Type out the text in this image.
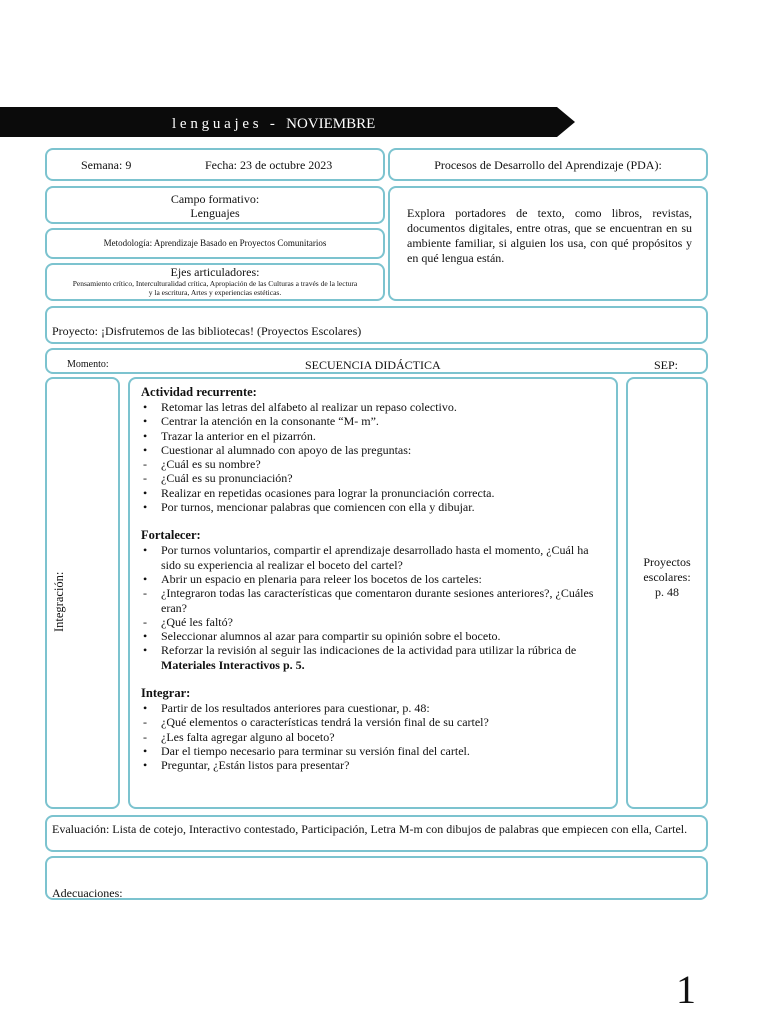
l e n g u a j e s   -   NOVIEMBRE
Semana: 9	Fecha: 23 de octubre 2023	Procesos de Desarrollo del Aprendizaje (PDA):
Campo formativo:
Lenguajes
Metodología: Aprendizaje Basado en Proyectos Comunitarios
Ejes articuladores:
Pensamiento crítico, Interculturalidad crítica, Apropiación de las Culturas a través de la lectura
y la escritura, Artes y experiencias estéticas.
Explora portadores de texto, como libros, revistas, documentos digitales, entre otras, que se encuentran en su ambiente familiar, si alguien los usa, con qué propósitos y en qué lengua están.
Proyecto: ¡Disfrutemos de las bibliotecas! (Proyectos Escolares)
Momento:	SECUENCIA DIDÁCTICA	SEP:
Integración:
Actividad recurrente:
• Retomar las letras del alfabeto al realizar un repaso colectivo.
• Centrar la atención en la consonante “M- m”.
• Trazar la anterior en el pizarrón.
• Cuestionar al alumnado con apoyo de las preguntas:
- ¿Cuál es su nombre?
- ¿Cuál es su pronunciación?
• Realizar en repetidas ocasiones para lograr la pronunciación correcta.
• Por turnos, mencionar palabras que comiencen con ella y dibujar.
Fortalecer:
• Por turnos voluntarios, compartir el aprendizaje desarrollado hasta el momento, ¿Cuál ha sido su experiencia al realizar el boceto del cartel?
• Abrir un espacio en plenaria para releer los bocetos de los carteles:
- ¿Integraron todas las características que comentaron durante sesiones anteriores?, ¿Cuáles eran?
- ¿Qué les faltó?
• Seleccionar alumnos al azar para compartir su opinión sobre el boceto.
• Reforzar la revisión al seguir las indicaciones de la actividad para utilizar la rúbrica de Materiales Interactivos p. 5.
Integrar:
• Partir de los resultados anteriores para cuestionar, p. 48:
- ¿Qué elementos o características tendrá la versión final de su cartel?
- ¿Les falta agregar alguno al boceto?
• Dar el tiempo necesario para terminar su versión final del cartel.
• Preguntar, ¿Están listos para presentar?
Proyectos
escolares:
p. 48
Evaluación: Lista de cotejo, Interactivo contestado, Participación, Letra M-m con dibujos de palabras que empiecen con ella, Cartel.
Adecuaciones:
1
